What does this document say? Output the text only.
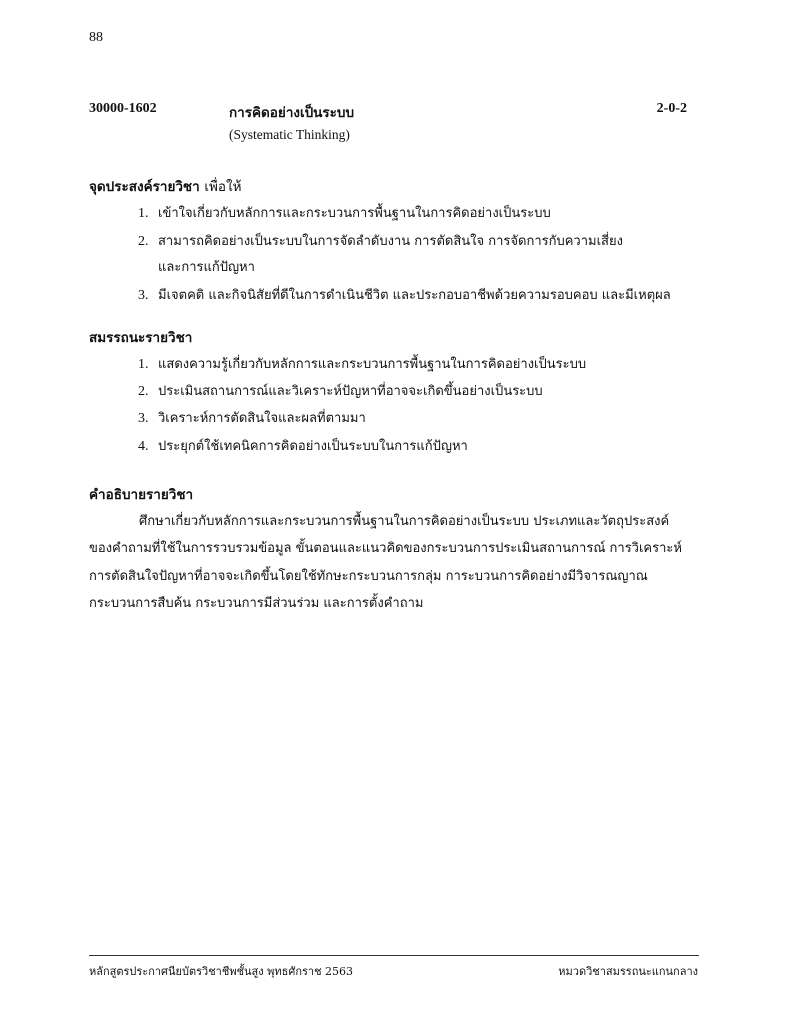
88
30000-1602	การคิดอย่างเป็นระบบ	2-0-2
(Systematic Thinking)
จุดประสงค์รายวิชา เพื่อให้
1. เข้าใจเกี่ยวกับหลักการและกระบวนการพื้นฐานในการคิดอย่างเป็นระบบ
2. สามารถคิดอย่างเป็นระบบในการจัดลำดับงาน การตัดสินใจ การจัดการกับความเสี่ยง
และการแก้ปัญหา
3. มีเจตคติ และกิจนิสัยที่ดีในการดำเนินชีวิต และประกอบอาชีพด้วยความรอบคอบ และมีเหตุผล
สมรรถนะรายวิชา
1. แสดงความรู้เกี่ยวกับหลักการและกระบวนการพื้นฐานในการคิดอย่างเป็นระบบ
2. ประเมินสถานการณ์และวิเคราะห์ปัญหาที่อาจจะเกิดขึ้นอย่างเป็นระบบ
3. วิเคราะห์การตัดสินใจและผลที่ตามมา
4. ประยุกต์ใช้เทคนิคการคิดอย่างเป็นระบบในการแก้ปัญหา
คำอธิบายรายวิชา
ศึกษาเกี่ยวกับหลักการและกระบวนการพื้นฐานในการคิดอย่างเป็นระบบ ประเภทและวัตถุประสงค์
ของคำถามที่ใช้ในการรวบรวมข้อมูล ขั้นตอนและแนวคิดของกระบวนการประเมินสถานการณ์ การวิเคราะห์
การตัดสินใจปัญหาที่อาจจะเกิดขึ้นโดยใช้ทักษะกระบวนการกลุ่ม การะบวนการคิดอย่างมีวิจารณญาณ
กระบวนการสืบค้น กระบวนการมีส่วนร่วม และการตั้งคำถาม
หลักสูตรประกาศนียบัตรวิชาชีพชั้นสูง พุทธศักราช 2563	หมวดวิชาสมรรถนะแกนกลาง
